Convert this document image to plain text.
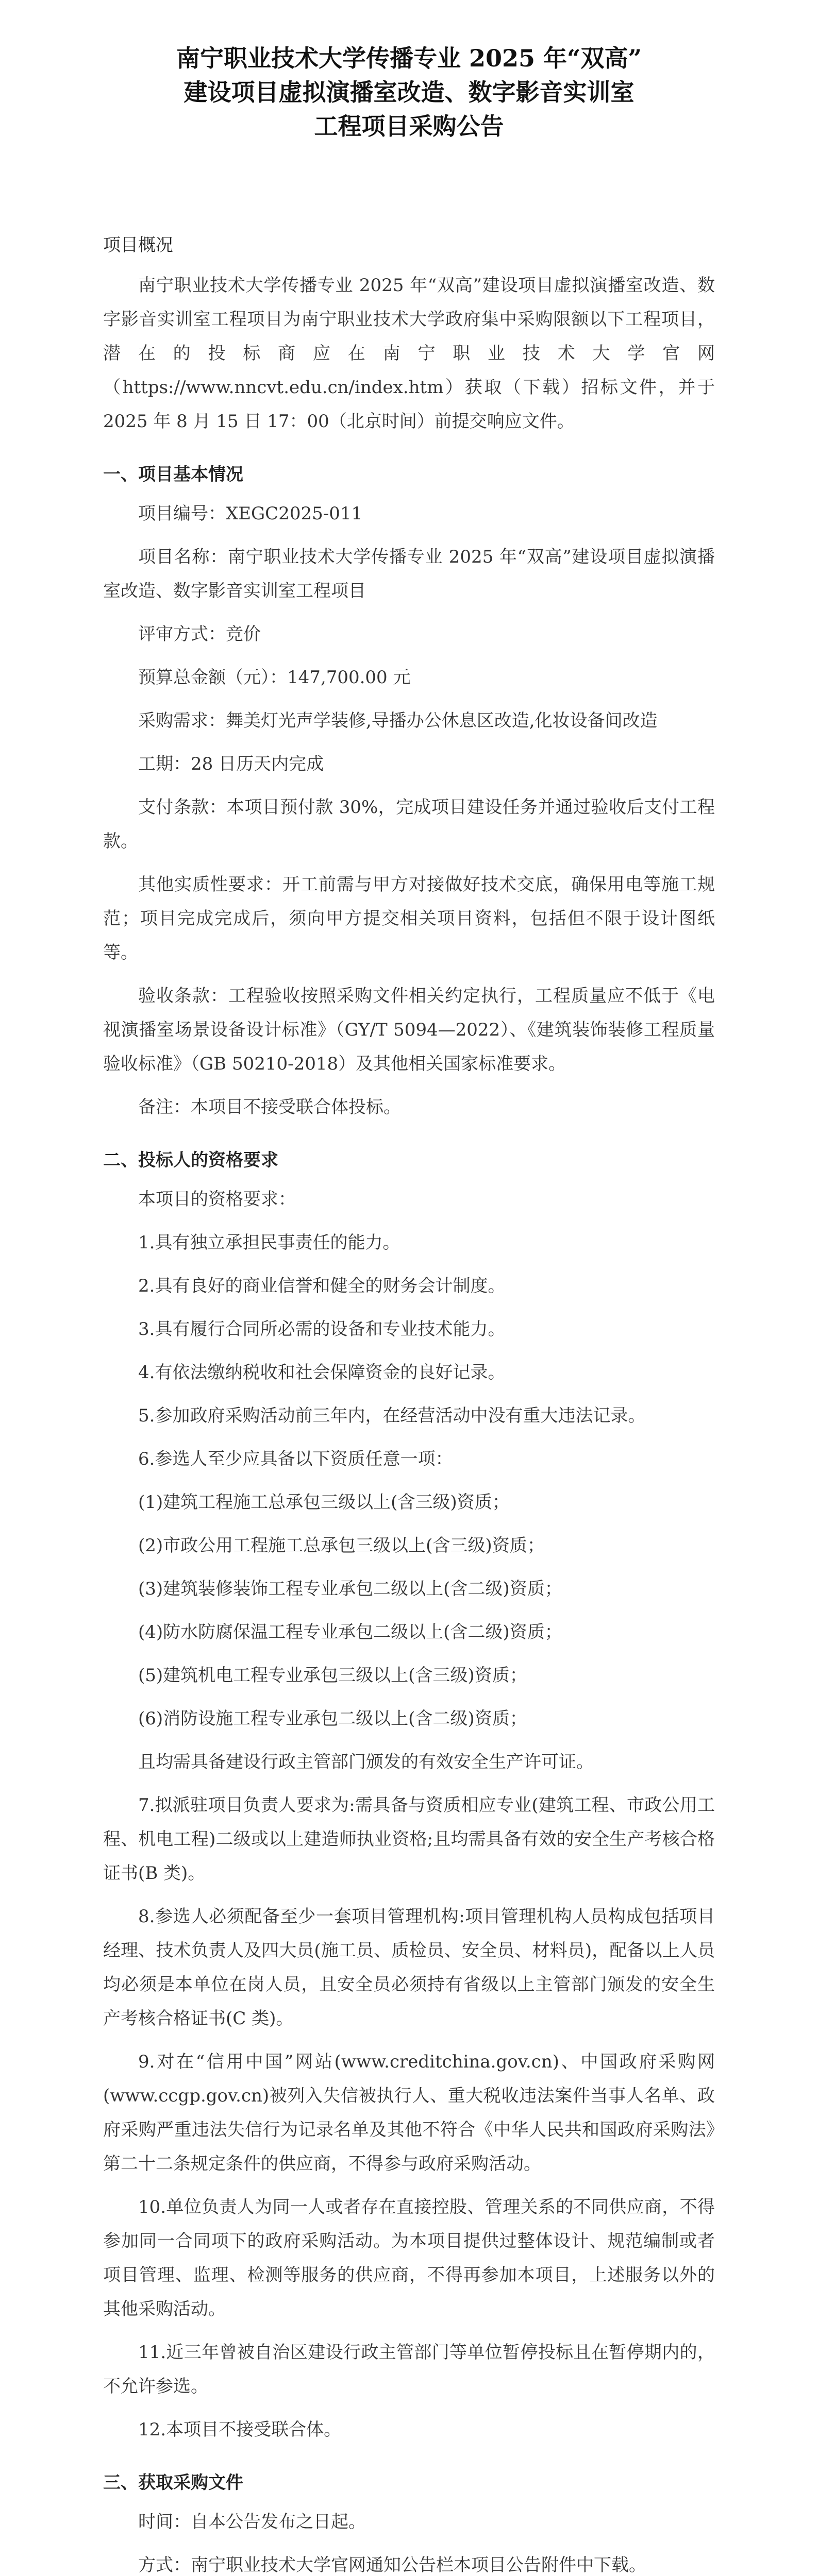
南宁职业技术大学传播专业 2025 年“双高”
建设项目虚拟演播室改造、数字影音实训室
工程项目采购公告
项目概况

南宁职业技术大学传播专业 2025 年“双高”建设项目虚拟演播室改造、数字影音实训室工程项目为南宁职业技术大学政府集中采购限额以下工程项目，潜在的投标商应在南宁职业技术大学官网（https://www.nncvt.edu.cn/index.htm）获取（下载）招标文件，并于 2025 年 8 月 15 日 17：00（北京时间）前提交响应文件。

一、项目基本情况

项目编号：XEGC2025-011

项目名称：南宁职业技术大学传播专业 2025 年“双高”建设项目虚拟演播室改造、数字影音实训室工程项目

评审方式：竞价

预算总金额（元）：147,700.00 元

采购需求：舞美灯光声学装修,导播办公休息区改造,化妆设备间改造

工期：28 日历天内完成

支付条款：本项目预付款 30%，完成项目建设任务并通过验收后支付工程款。

其他实质性要求：开工前需与甲方对接做好技术交底，确保用电等施工规范；项目完成完成后，须向甲方提交相关项目资料，包括但不限于设计图纸等。

验收条款：工程验收按照采购文件相关约定执行，工程质量应不低于《电视演播室场景设备设计标准》（GY/T 5094—2022）、《建筑装饰装修工程质量验收标准》（GB 50210-2018）及其他相关国家标准要求。

备注：本项目不接受联合体投标。

二、投标人的资格要求

本项目的资格要求：

1.具有独立承担民事责任的能力。

2.具有良好的商业信誉和健全的财务会计制度。

3.具有履行合同所必需的设备和专业技术能力。

4.有依法缴纳税收和社会保障资金的良好记录。

5.参加政府采购活动前三年内，在经营活动中没有重大违法记录。

6.参选人至少应具备以下资质任意一项：

(1)建筑工程施工总承包三级以上(含三级)资质；

(2)市政公用工程施工总承包三级以上(含三级)资质；

(3)建筑装修装饰工程专业承包二级以上(含二级)资质；

(4)防水防腐保温工程专业承包二级以上(含二级)资质；

(5)建筑机电工程专业承包三级以上(含三级)资质；

(6)消防设施工程专业承包二级以上(含二级)资质；

且均需具备建设行政主管部门颁发的有效安全生产许可证。

7.拟派驻项目负责人要求为:需具备与资质相应专业(建筑工程、市政公用工程、机电工程)二级或以上建造师执业资格;且均需具备有效的安全生产考核合格证书(B 类)。

8.参选人必须配备至少一套项目管理机构:项目管理机构人员构成包括项目经理、技术负责人及四大员(施工员、质检员、安全员、材料员)，配备以上人员均必须是本单位在岗人员，且安全员必须持有省级以上主管部门颁发的安全生产考核合格证书(C 类)。

9.对在“信用中国”网站(www.creditchina.gov.cn)、中国政府采购网(www.ccgp.gov.cn)被列入失信被执行人、重大税收违法案件当事人名单、政府采购严重违法失信行为记录名单及其他不符合《中华人民共和国政府采购法》第二十二条规定条件的供应商，不得参与政府采购活动。

10.单位负责人为同一人或者存在直接控股、管理关系的不同供应商，不得参加同一合同项下的政府采购活动。为本项目提供过整体设计、规范编制或者项目管理、监理、检测等服务的供应商，不得再参加本项目，上述服务以外的其他采购活动。

11.近三年曾被自治区建设行政主管部门等单位暂停投标且在暂停期内的，不允许参选。

12.本项目不接受联合体。

三、获取采购文件

时间：自本公告发布之日起。

方式：南宁职业技术大学官网通知公告栏本项目公告附件中下载。
